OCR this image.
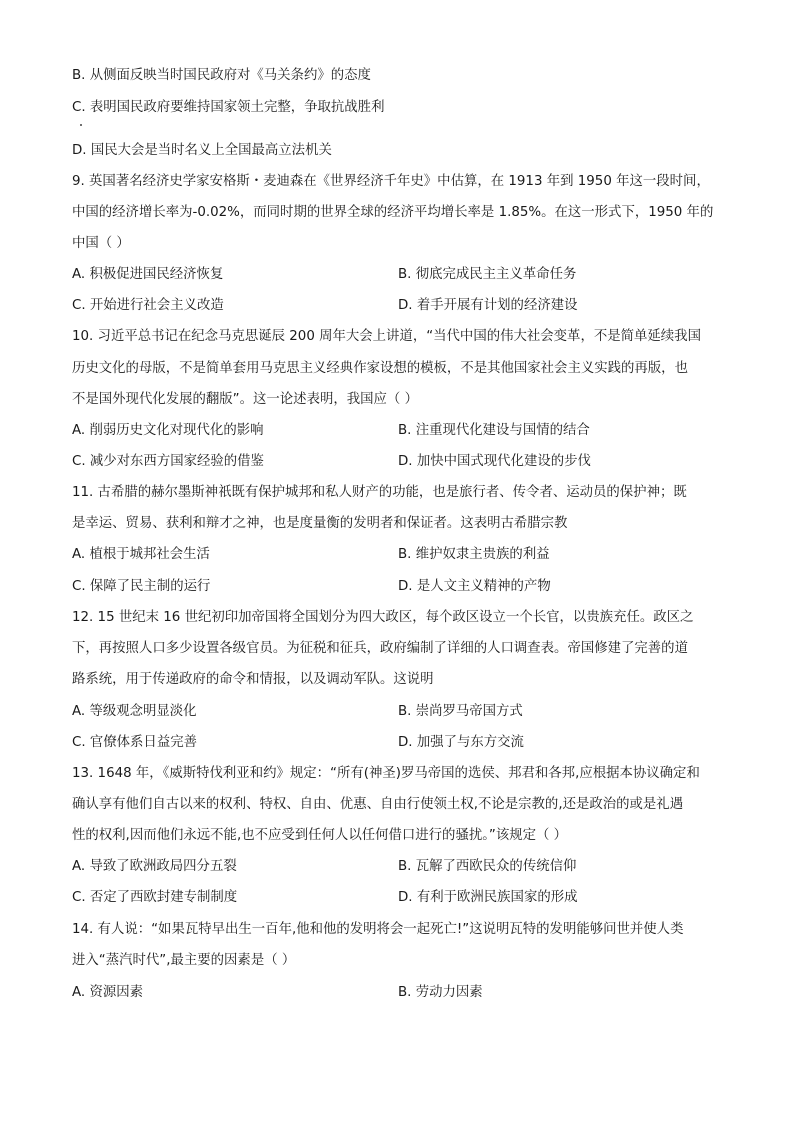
B. 从侧面反映当时国民政府对《马关条约》的态度
C. 表明国民政府要维持国家领土完整，争取抗战胜利
D. 国民大会是当时名义上全国最高立法机关
9. 英国著名经济史学家安格斯・麦迪森在《世界经济千年史》中估算，在 1913 年到 1950 年这一段时间，
中国的经济增长率为-0.02%，而同时期的世界全球的经济平均增长率是 1.85%。在这一形式下，1950 年的
中国（ ）
A. 积极促进国民经济恢复	B. 彻底完成民主主义革命任务
C. 开始进行社会主义改造	D. 着手开展有计划的经济建设
10. 习近平总书记在纪念马克思诞辰 200 周年大会上讲道，“当代中国的伟大社会变革，不是简单延续我国
历史文化的母版，不是简单套用马克思主义经典作家设想的模板，不是其他国家社会主义实践的再版，也
不是国外现代化发展的翻版”。这一论述表明，我国应（ ）
A. 削弱历史文化对现代化的影响	B. 注重现代化建设与国情的结合
C. 减少对东西方国家经验的借鉴	D. 加快中国式现代化建设的步伐
11. 古希腊的赫尔墨斯神祇既有保护城邦和私人财产的功能，也是旅行者、传令者、运动员的保护神；既
是幸运、贸易、获利和辩才之神，也是度量衡的发明者和保证者。这表明古希腊宗教
A. 植根于城邦社会生活	B. 维护奴隶主贵族的利益
C. 保障了民主制的运行	D. 是人文主义精神的产物
12. 15 世纪末 16 世纪初印加帝国将全国划分为四大政区，每个政区设立一个长官，以贵族充任。政区之
下，再按照人口多少设置各级官员。为征税和征兵，政府编制了详细的人口调查表。帝国修建了完善的道
路系统，用于传递政府的命令和情报，以及调动军队。这说明
A. 等级观念明显淡化	B. 崇尚罗马帝国方式
C. 官僚体系日益完善	D. 加强了与东方交流
13. 1648 年，《威斯特伐利亚和约》规定：“所有(神圣)罗马帝国的选侯、邦君和各邦,应根据本协议确定和
确认享有他们自古以来的权利、特权、自由、优惠、自由行使领土权,不论是宗教的,还是政治的或是礼遇
性的权利,因而他们永远不能,也不应受到任何人以任何借口进行的骚扰。”该规定（ ）
A. 导致了欧洲政局四分五裂	B. 瓦解了西欧民众的传统信仰
C. 否定了西欧封建专制制度	D. 有利于欧洲民族国家的形成
14. 有人说：“如果瓦特早出生一百年,他和他的发明将会一起死亡!”这说明瓦特的发明能够问世并使人类
进入“蒸汽时代”,最主要的因素是（ ）
A. 资源因素	B. 劳动力因素
